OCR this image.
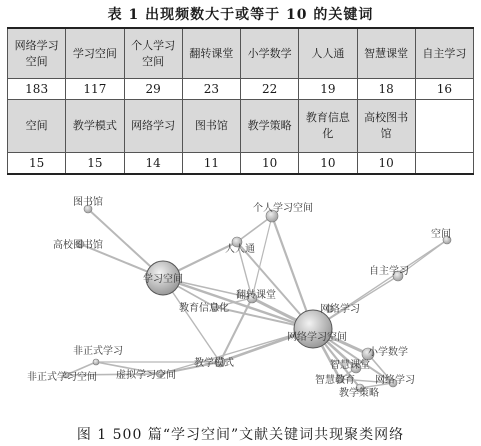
表 1 出现频数大于或等于 10 的关键词
网络学习空间	学习空间	个人学习空间	翻转课堂	小学数学	人人通	智慧课堂	自主学习
183	117	29	23	22	19	18	16
空间	教学模式	网络学习	图书馆	教学策略	教育信息化	高校图书馆	
15	15	14	11	10	10	10	
图书馆
高校图书馆
学习空间
个人学习空间
人人通
空间
自主学习
翻转课堂
教育信息化	网络学习
网络学习空间
小学数学
智慧课堂
智慧教育 网络学习
教学策略
非正式学习
非正式学习空间 虚拟学习空间
教学模式
图 1 500 篇“学习空间”文献关键词共现聚类网络
